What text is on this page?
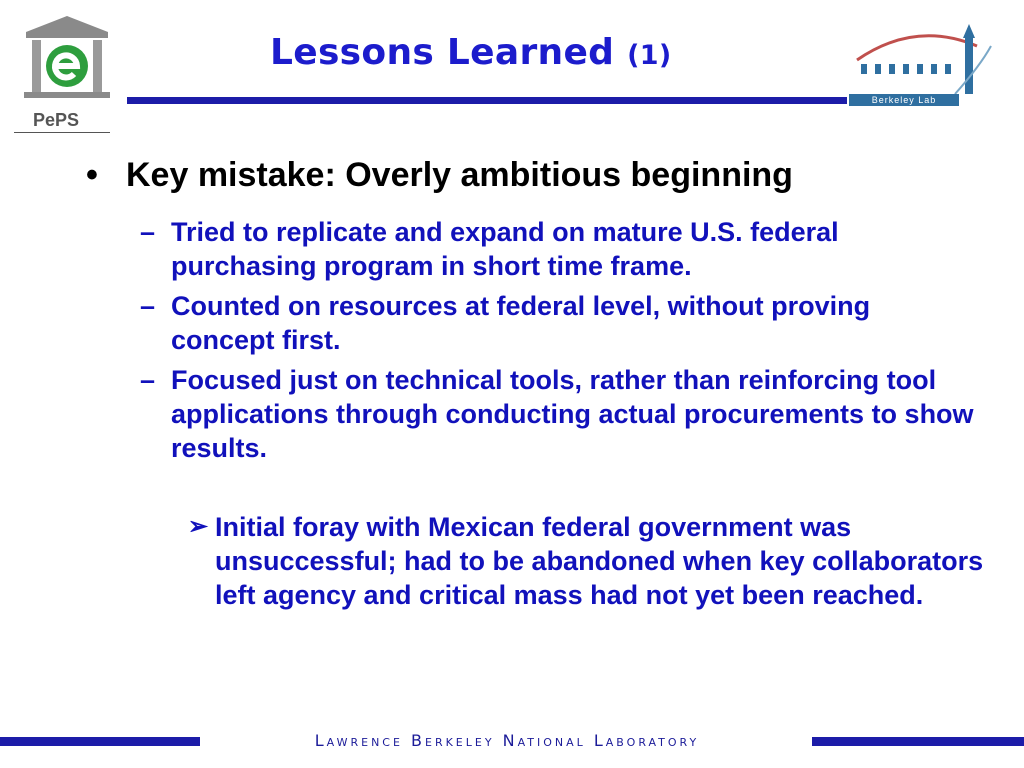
PePS
Lessons Learned (1)
Berkeley Lab
• Key mistake: Overly ambitious beginning
– Tried to replicate and expand on mature U.S. federal purchasing program in short time frame.
– Counted on resources at federal level, without proving concept first.
– Focused just on technical tools, rather than reinforcing tool applications through conducting actual procurements to show results.
➢ Initial foray with Mexican federal government was unsuccessful; had to be abandoned when key collaborators left agency and critical mass had not yet been reached.
Lawrence Berkeley National Laboratory
